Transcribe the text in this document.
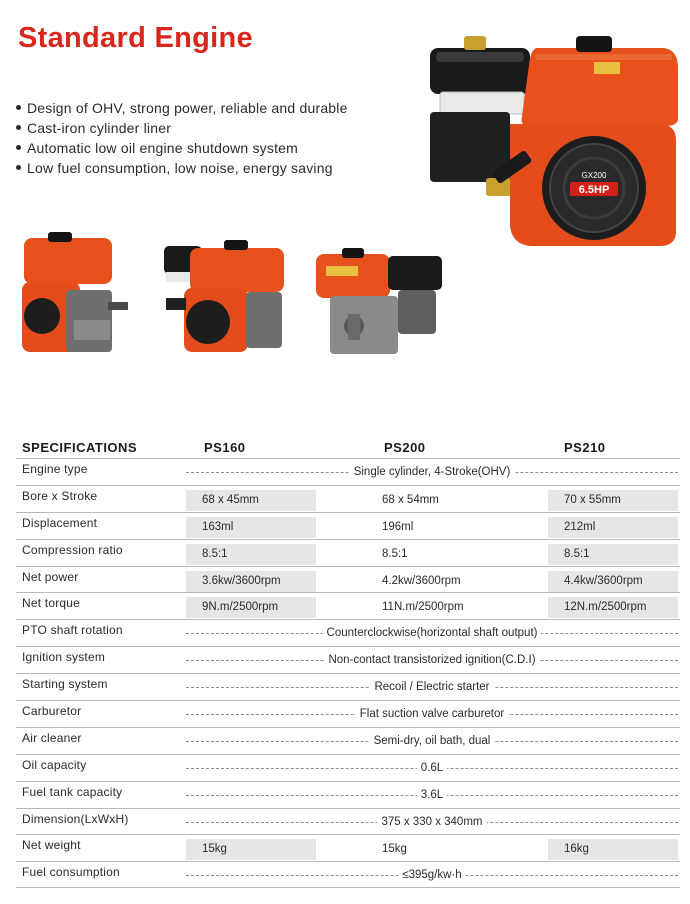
Standard Engine
Design of OHV, strong power, reliable and durable
Cast-iron cylinder liner
Automatic low oil engine shutdown system
Low fuel consumption, low noise, energy saving	GX200
6.5HP
SPECIFICATIONS	PS160	PS200	PS210
Engine type	Single cylinder, 4-Stroke(OHV)
Bore x Stroke	68 x 45mm	68 x 54mm	70 x 55mm
Displacement	163ml	196ml	212ml
Compression ratio	8.5:1	8.5:1	8.5:1
Net power	3.6kw/3600rpm	4.2kw/3600rpm	4.4kw/3600rpm
Net torque	9N.m/2500rpm	11N.m/2500rpm	12N.m/2500rpm
PTO shaft rotation	Counterclockwise(horizontal shaft output)
Ignition system	Non-contact transistorized ignition(C.D.I)
Starting system	Recoil / Electric starter
Carburetor	Flat suction valve carburetor
Air cleaner	Semi-dry, oil bath, dual
Oil capacity	0.6L
Fuel tank capacity	3.6L
Dimension(LxWxH)	375 x 330 x 340mm
Net weight	15kg	15kg	16kg
Fuel consumption	≤395g/kw·h
